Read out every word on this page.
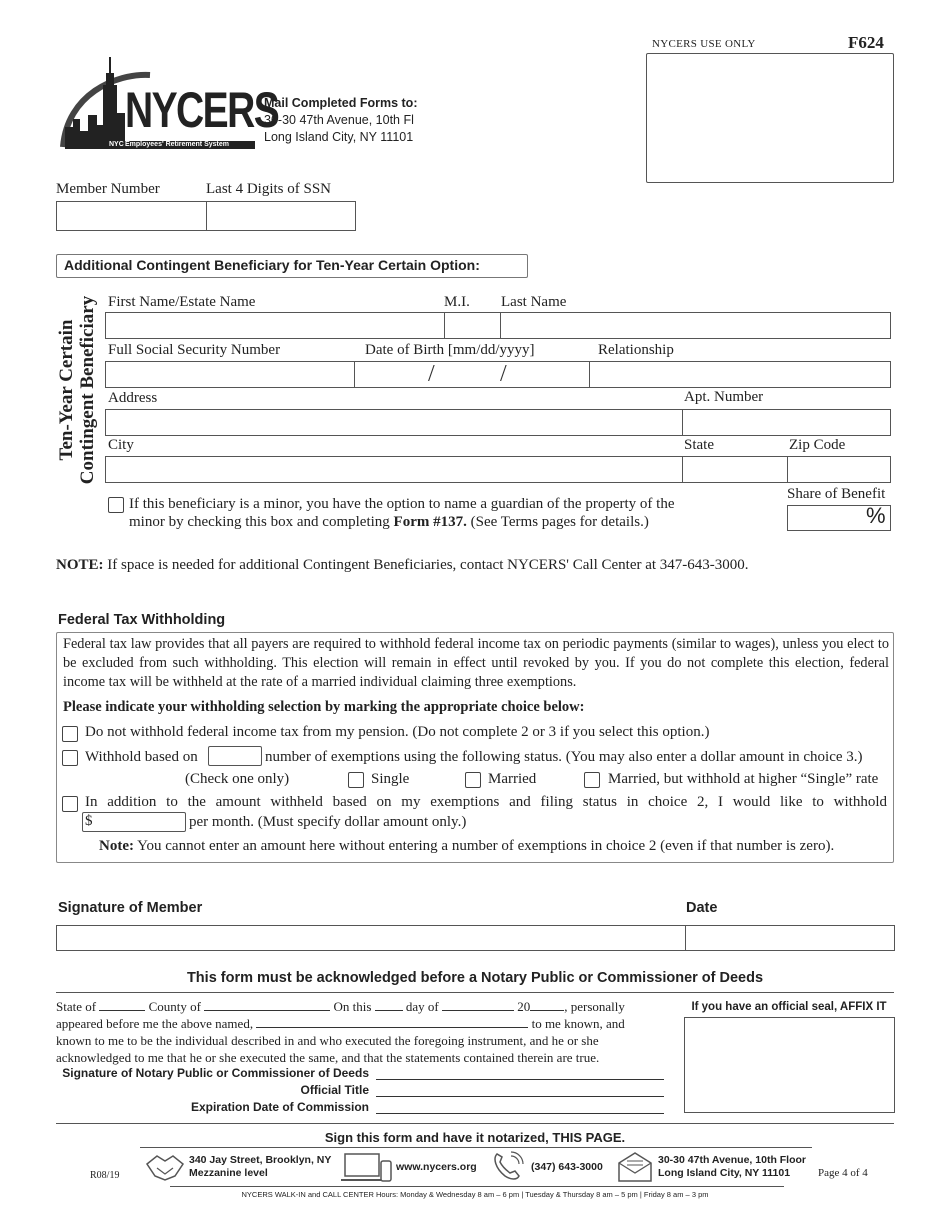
NYCERS USE ONLY	F624
NYCERS
NYC Employees' Retirement System
Mail Completed Forms to:
30-30 47th Avenue, 10th Fl
Long Island City, NY 11101
Member Number	Last 4 Digits of SSN
Additional Contingent Beneficiary for Ten-Year Certain Option:
Ten-Year Certain Contingent Beneficiary First Name/Estate Name	M.I. Last Name
Full Social Security Number	Date of Birth [mm/dd/yyyy]	Relationship
/	/
Address	Apt. Number
City	State	Zip Code
If this beneficiary is a minor, you have the option to name a guardian of the property of the
minor by checking this box and completing Form #137. (See Terms pages for details.)
Share of Benefit
%
NOTE: If space is needed for additional Contingent Beneficiaries, contact NYCERS' Call Center at 347-643-3000.
Federal Tax Withholding
Federal tax law provides that all payers are required to withhold federal income tax on periodic payments (similar to wages), unless you elect to be excluded from such withholding. This election will remain in effect until revoked by you. If you do not complete this election, federal income tax will be withheld at the rate of a married individual claiming three exemptions.
Please indicate your withholding selection by marking the appropriate choice below:
Do not withhold federal income tax from my pension. (Do not complete 2 or 3 if you select this option.)
Withhold based on	number of exemptions using the following status. (You may also enter a dollar amount in choice 3.)
(Check one only)	Single	Married	Married, but withhold at higher “Single” rate
In addition to the amount withheld based on my exemptions and filing status in choice 2, I would like to withhold
$	per month. (Must specify dollar amount only.)
Note: You cannot enter an amount here without entering a number of exemptions in choice 2 (even if that number is zero).
Signature of Member	Date
This form must be acknowledged before a Notary Public or Commissioner of Deeds
State of	County of	On this	day of	20	, personally
appeared before me the above named,	to me known, and
known to me to be the individual described in and who executed the foregoing instrument, and he or she
acknowledged to me that he or she executed the same, and that the statements contained therein are true.
Signature of Notary Public or Commissioner of Deeds
Official Title
Expiration Date of Commission
If you have an official seal, AFFIX IT
Sign this form and have it notarized, THIS PAGE.
R08/19
340 Jay Street, Brooklyn, NY
Mezzanine level	www.nycers.org	(347) 643-3000
30-30 47th Avenue, 10th Floor
Long Island City, NY 11101	Page 4 of 4
NYCERS WALK-IN and CALL CENTER Hours: Monday & Wednesday 8 am – 6 pm | Tuesday & Thursday 8 am – 5 pm | Friday 8 am – 3 pm
